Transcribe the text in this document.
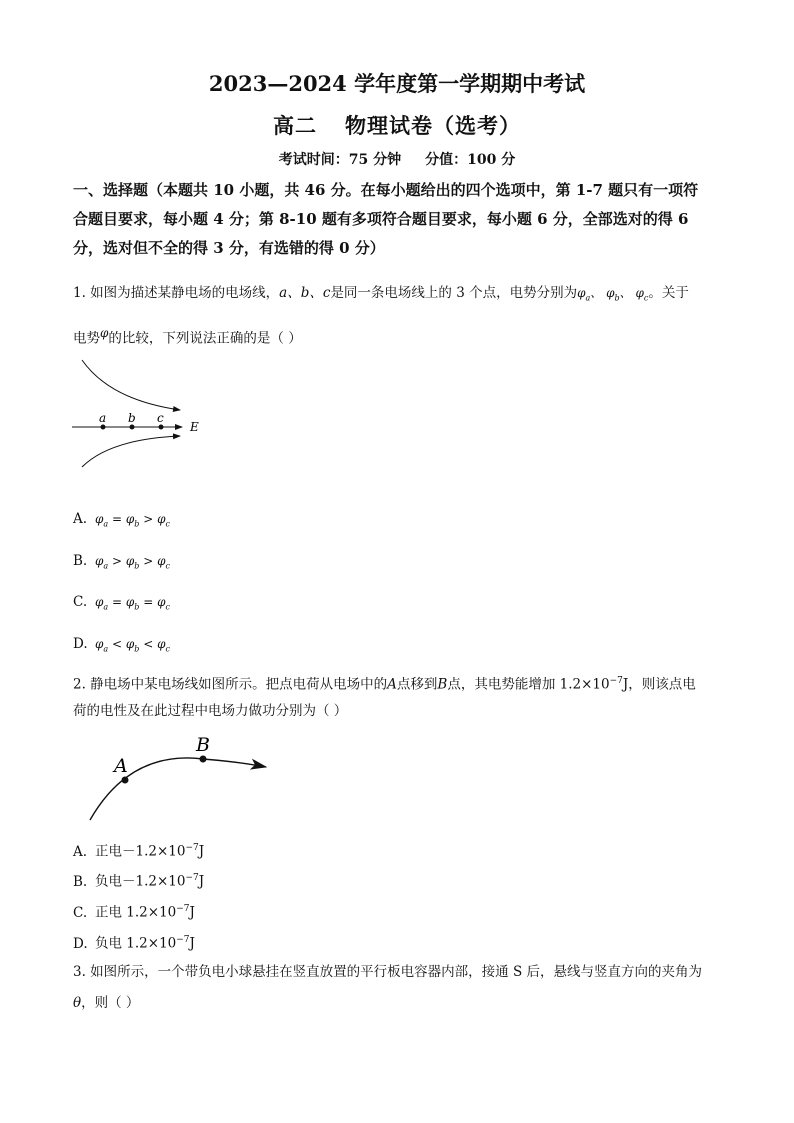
2023—2024 学年度第一学期期中考试
高二 物理试卷（选考）
考试时间：75 分钟 分值：100 分
一、选择题（本题共 10 小题，共 46 分。在每小题给出的四个选项中，第 1-7 题只有一项符
合题目要求，每小题 4 分；第 8-10 题有多项符合题目要求，每小题 6 分，全部选对的得 6
分，选对但不全的得 3 分，有选错的得 0 分）
1. 如图为描述某静电场的电场线，a、b、c是同一条电场线上的 3 个点，电势分别为$\varphi_a$、 $\varphi_b$、 $\varphi_c$。关于
电势$^\varphi$的比较，下列说法正确的是（ ）
a b c
E
A. $\varphi_a = \varphi_b > \varphi_c$
B. $\varphi_a > \varphi_b > \varphi_c$
C. $\varphi_a = \varphi_b = \varphi_c$
D. $\varphi_a < \varphi_b < \varphi_c$
2. 静电场中某电场线如图所示。把点电荷从电场中的A点移到B点，其电势能增加 $1.2\times 10^{-7}J$，则该点电
荷的电性及在此过程中电场力做功分别为（ ）
A
B
A. 正电$-1.2\times 10^{-7}J$
B. 负电$-1.2\times 10^{-7}J$
C. 正电 $1.2\times 10^{-7}J$
D. 负电 $1.2\times 10^{-7}J$
3. 如图所示，一个带负电小球悬挂在竖直放置的平行板电容器内部，接通 S 后，悬线与竖直方向的夹角为
θ，则（ ）
